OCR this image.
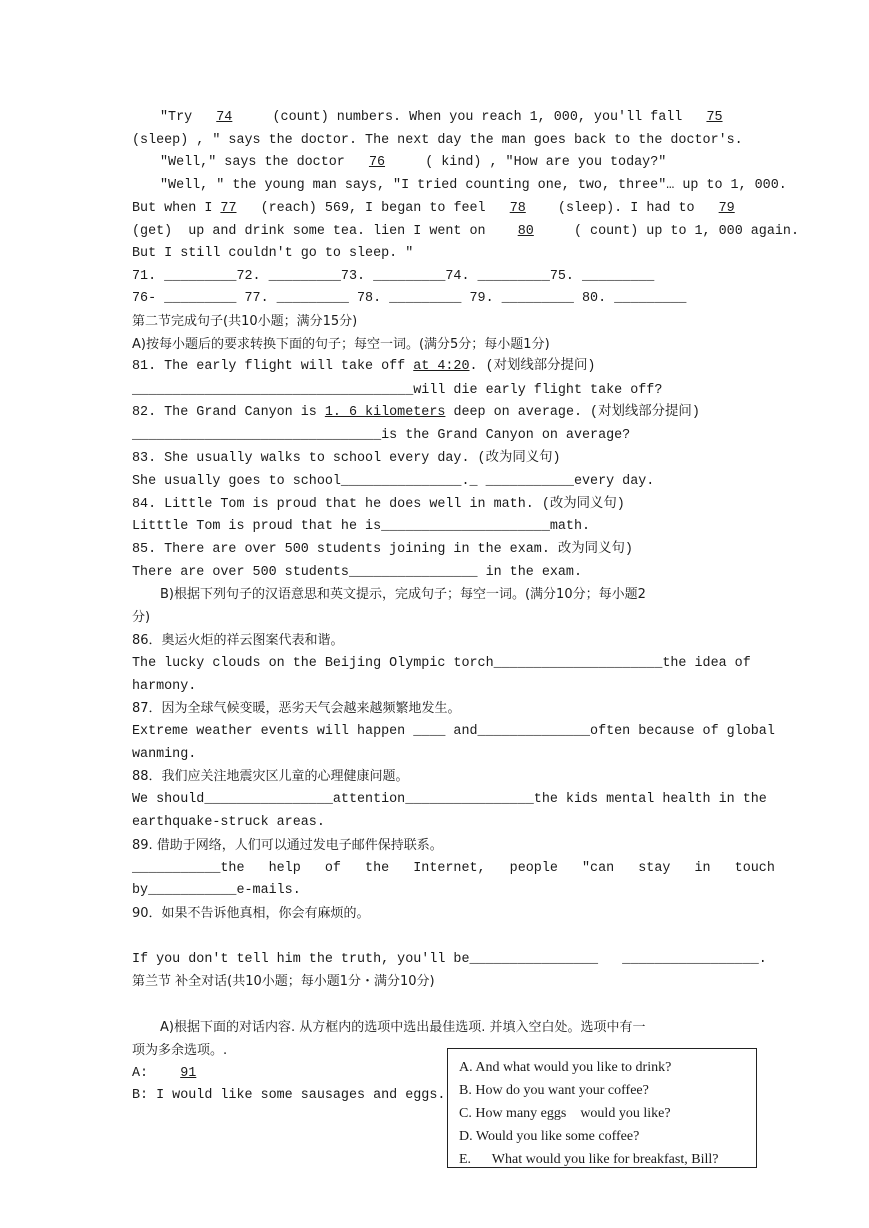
"Try   74     (count) numbers. When you reach 1, 000, you'll fall   75
(sleep) , " says the doctor. The next day the man goes back to the doctor's.
"Well," says the doctor   76     ( kind) , "How are you today?"
"Well, " the young man says, "I tried counting one, two, three"… up to 1, 000.
But when I 77   (reach) 569, I began to feel   78    (sleep). I had to   79
(get)  up and drink some tea. lien I went on    80     ( count) up to 1, 000 again.
But I still couldn't go to sleep. "
71. _________72. _________73. _________74. _________75. _________
76- _________ 77. _________ 78. _________ 79. _________ 80. _________
第二节完成句子(共10小题；满分15分)
A)按每小题后的要求转换下面的句子；每空一词。(满分5分；每小题1分)
81. The early flight will take off at 4:20. (对划线部分提问)
___________________________________will die early flight take off?
82. The Grand Canyon is 1. 6 kilometers deep on average. (对划线部分提问)
_______________________________is the Grand Canyon on average?
83. She usually walks to school every day. (改为同义句)
She usually goes to school_______________._ ___________every day.
84. Little Tom is proud that he does well in math. (改为同义句)
Litttle Tom is proud that he is_____________________math.
85. There are over 500 students joining in the exam. 改为同义句)
There are over 500 students________________ in the exam.
B)根据下列句子的汉语意思和英文提示，完成句子；每空一词。(满分10分；每小题2
分)
86．奥运火炬的祥云图案代表和谐。
The lucky clouds on the Beijing Olympic torch_____________________the idea of
harmony.
87．因为全球气候变暖，恶劣天气会越来越频繁地发生。
Extreme weather events will happen ____ and______________often because of global
wanming.
88．我们应关注地震灾区儿童的心理健康问题。
We should________________attention________________the kids mental health in the
earthquake-struck areas.
89. 借助于网络，人们可以通过发电子邮件保持联系。
___________the   help   of   the   Internet,   people   "can   stay   in   touch
by___________e-mails.
90．如果不告诉他真相，你会有麻烦的。
If you don't tell him the truth, you'll be________________   _________________.
第兰节 补全对话(共10小题；每小题1分・满分10分)
A)根据下面的对话内容. 从方框内的选项中选出最佳选项. 并填入空白处。选项中有一
项为多余选项。.
A:    91
B: I would like some sausages and eggs.
A. And what would you like to drink?
B. How do you want your coffee?
C. How many eggs    would you like?
D. Would you like some coffee?
E.      What would you like for breakfast, Bill?
